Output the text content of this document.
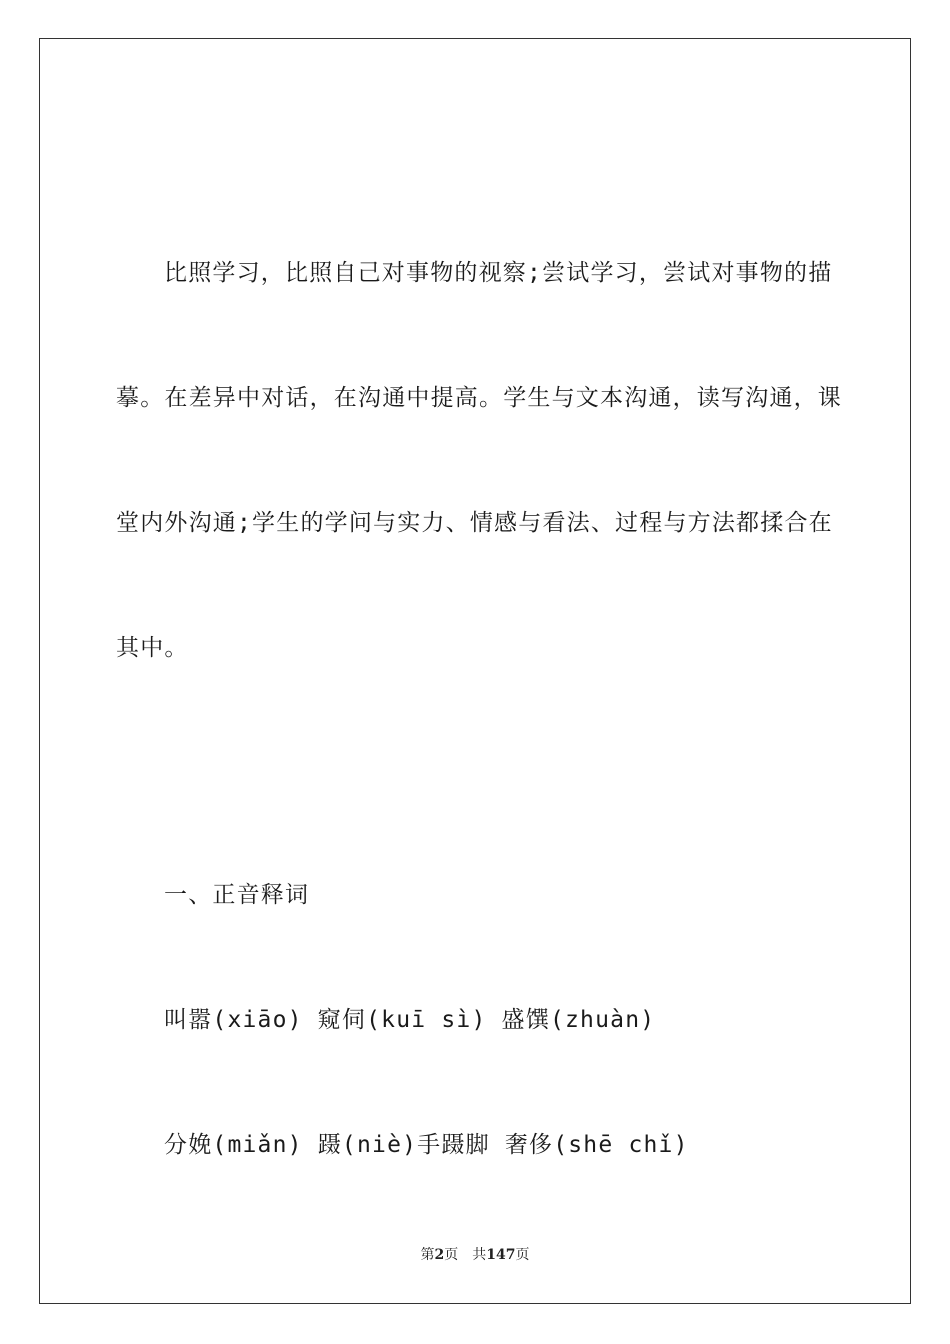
比照学习，比照自己对事物的视察;尝试学习，尝试对事物的描
摹。在差异中对话，在沟通中提高。学生与文本沟通，读写沟通，课
堂内外沟通;学生的学问与实力、情感与看法、过程与方法都揉合在
其中。
一、正音释词
叫嚣(xiāo) 窥伺(kuī sì) 盛馔(zhuàn)
分娩(miǎn) 蹑(niè)手蹑脚 奢侈(shē chǐ)
第2页 共147页
